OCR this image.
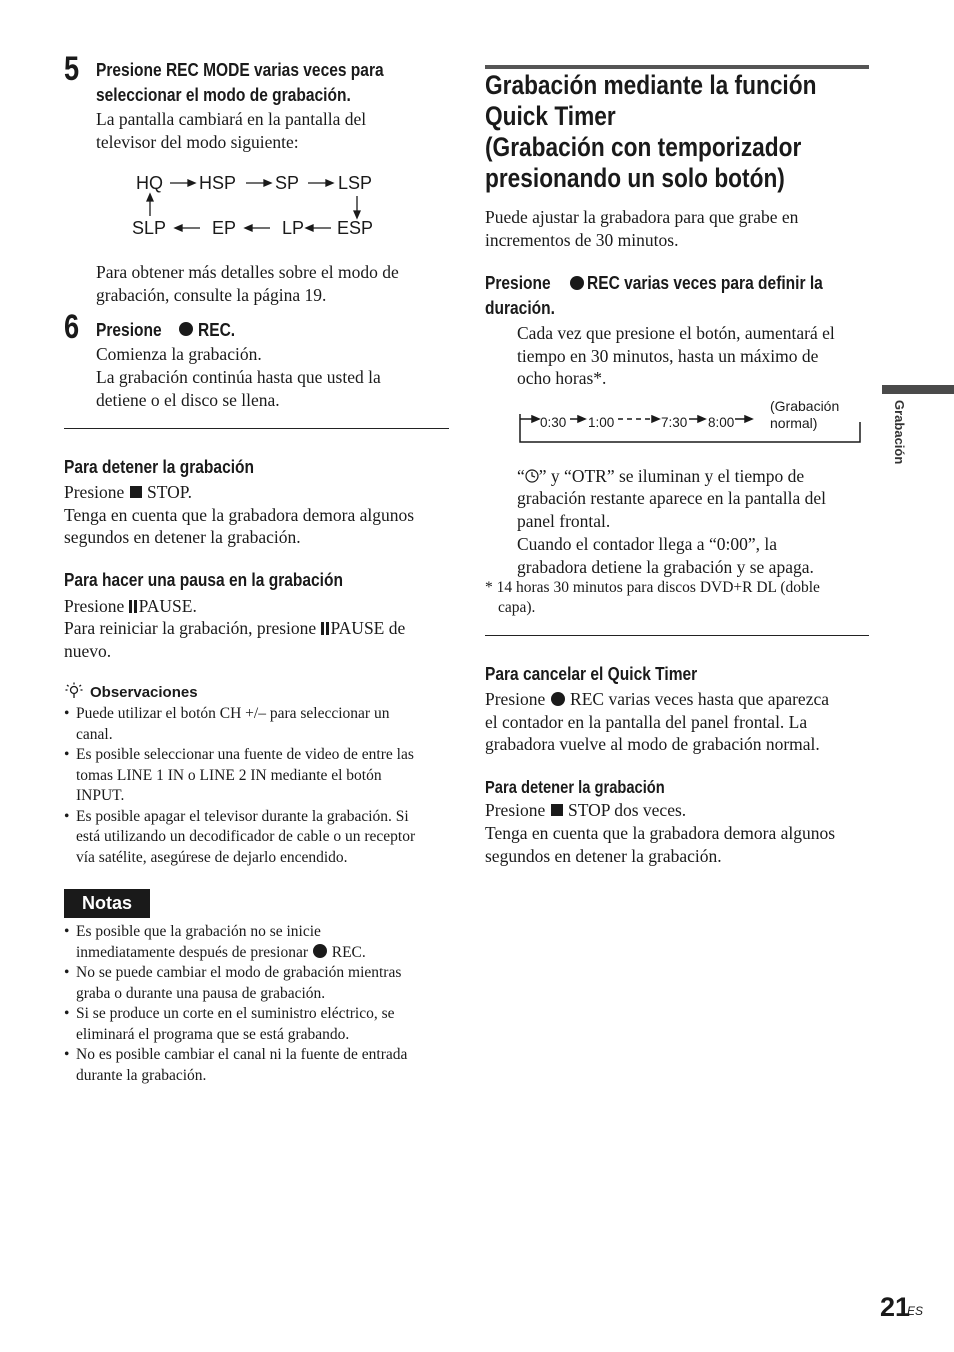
5 Presione REC MODE varias veces para
seleccionar el modo de grabación.
La pantalla cambiará en la pantalla del
televisor del modo siguiente:
HQ HSP SP LSP
SLP	EP	LP ESP
Para obtener más detalles sobre el modo de
grabación, consulte la página 19.
6 Presione REC.
Comienza la grabación.
La grabación continúa hasta que usted la
detiene o el disco se llena.
Para detener la grabación
Presione STOP.
Tenga en cuenta que la grabadora demora algunos
segundos en detener la grabación.
Para hacer una pausa en la grabación
Presione PAUSE.
Para reiniciar la grabación, presione PAUSE de
nuevo.
Observaciones
• Puede utilizar el botón CH +/– para seleccionar un
canal.
• Es posible seleccionar una fuente de video de entre las
tomas LINE 1 IN o LINE 2 IN mediante el botón
INPUT.
• Es posible apagar el televisor durante la grabación. Si
está utilizando un decodificador de cable o un receptor
vía satélite, asegúrese de dejarlo encendido.
Notas
• Es posible que la grabación no se inicie
inmediatamente después de presionar REC.
• No se puede cambiar el modo de grabación mientras
graba o durante una pausa de grabación.
• Si se produce un corte en el suministro eléctrico, se
eliminará el programa que se está grabando.
• No es posible cambiar el canal ni la fuente de entrada
durante la grabación.
Grabación mediante la función
Quick Timer
(Grabación con temporizador
presionando un solo botón)
Puede ajustar la grabadora para que grabe en
incrementos de 30 minutos.
Presione REC varias veces para definir la
duración.
Cada vez que presione el botón, aumentará el
tiempo en 30 minutos, hasta un máximo de
ocho horas*.
0:30 1:00	7:30 8:00
(Grabación
normal)
“ ” y “OTR” se iluminan y el tiempo de
grabación restante aparece en la pantalla del
panel frontal.
Cuando el contador llega a “0:00”, la
grabadora detiene la grabación y se apaga.
* 14 horas 30 minutos para discos DVD+R DL (doble
capa).
Para cancelar el Quick Timer
Presione REC varias veces hasta que aparezca
el contador en la pantalla del panel frontal. La
grabadora vuelve al modo de grabación normal.
Para detener la grabación
Presione STOP dos veces.
Tenga en cuenta que la grabadora demora algunos
segundos en detener la grabación.
Grabación
21
ES
